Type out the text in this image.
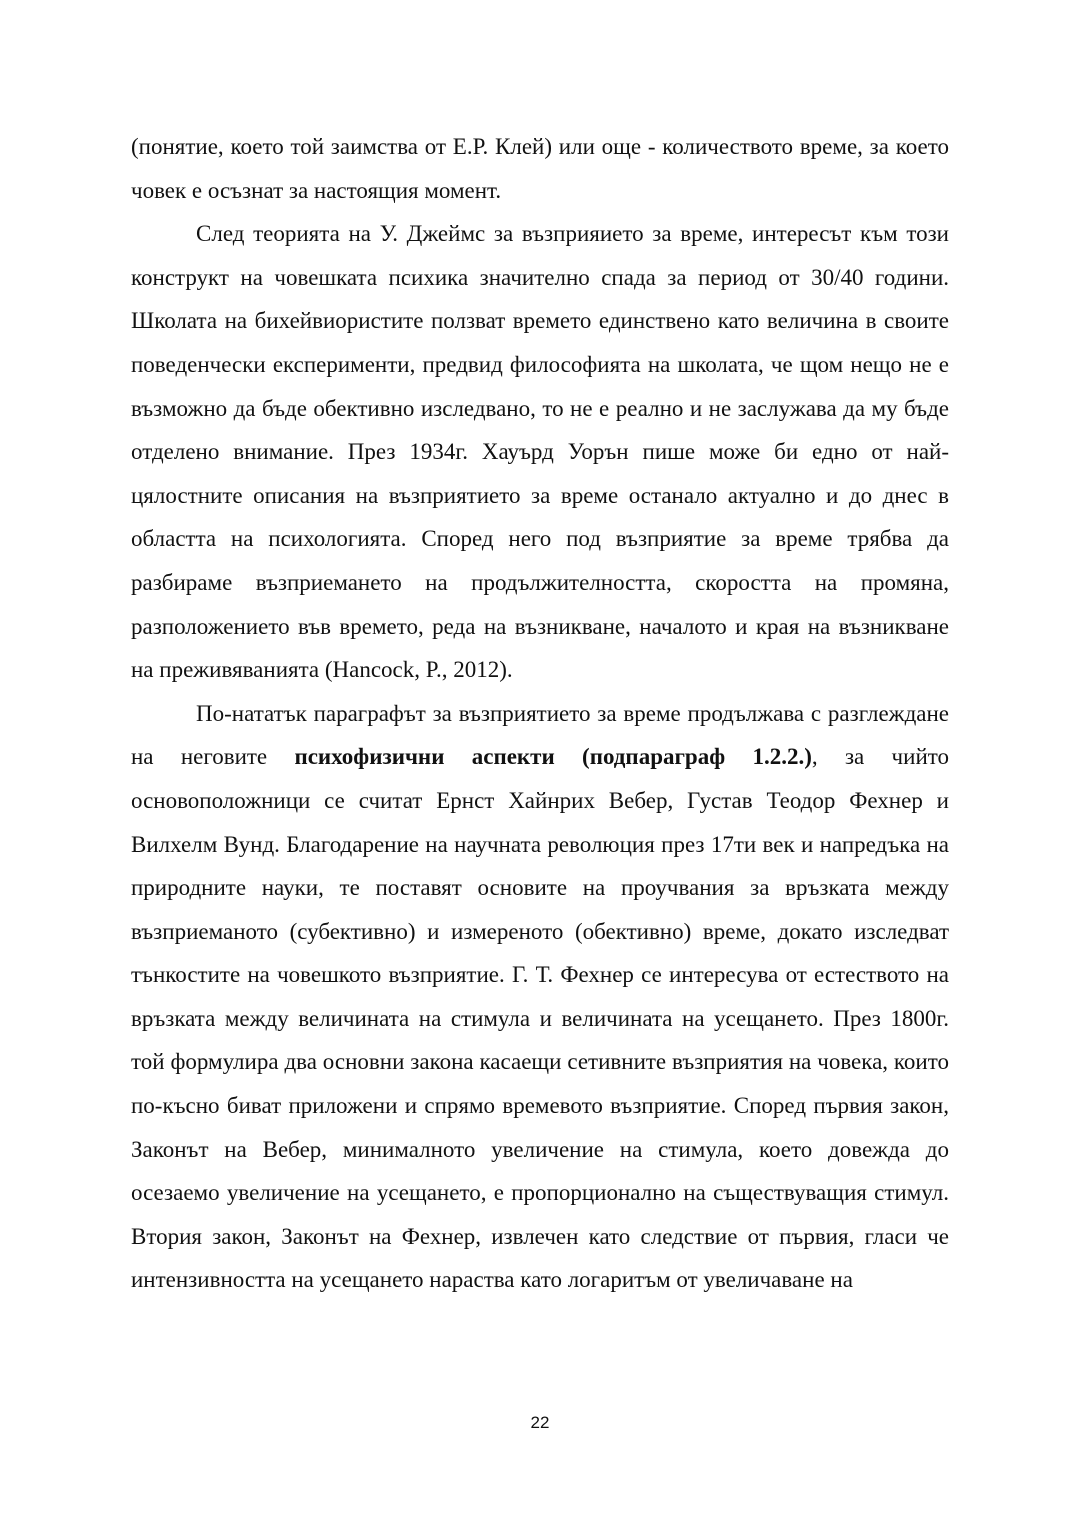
(понятие, което той заимства от Е.Р. Клей) или още - количеството време, за което човек е осъзнат за настоящия момент.

След теорията на У. Джеймс за възприяието за време, интересът към този конструкт на човешката психика значително спада за период от 30/40 години. Школата на бихейвиористите ползват времето единствено като величина в своите поведенчески експерименти, предвид философията на школата, че щом нещо не е възможно да бъде обективно изследвано, то не е реално и не заслужава да му бъде отделено внимание. През 1934г. Хауърд Уорън пише може би едно от най-цялостните описания на възприятието за време останало актуално и до днес в областта на психологията. Според него под възприятие за време трябва да разбираме възприемането на продължителността, скоростта на промяна, разположението във времето, реда на възникване, началото и края на възникване на преживяванията (Hancock, P., 2012).

По-нататък параграфът за възприятието за време продължава с разглеждане на неговите психофизични аспекти (подпараграф 1.2.2.), за чийто основоположници се считат Ернст Хайнрих Вебер, Густав Теодор Фехнер и Вилхелм Вунд. Благодарение на научната революция през 17ти век и напредъка на природните науки, те поставят основите на проучвания за връзката между възприеманото (субективно) и измереното (обективно) време, докато изследват тънкостите на човешкото възприятие. Г. Т. Фехнер се интересува от естеството на връзката между величината на стимула и величината на усещането. През 1800г. той формулира два основни закона касаещи сетивните възприятия на човека, които по-късно биват приложени и спрямо времевото възприятие. Според първия закон, Законът на Вебер, минималното увеличение на стимула, което довежда до осезаемо увеличение на усещането, е пропорционално на съществуващия стимул. Втория закон, Законът на Фехнер, извлечен като следствие от първия, гласи че интензивността на усещането нараства като логаритъм от увеличаване на

22
